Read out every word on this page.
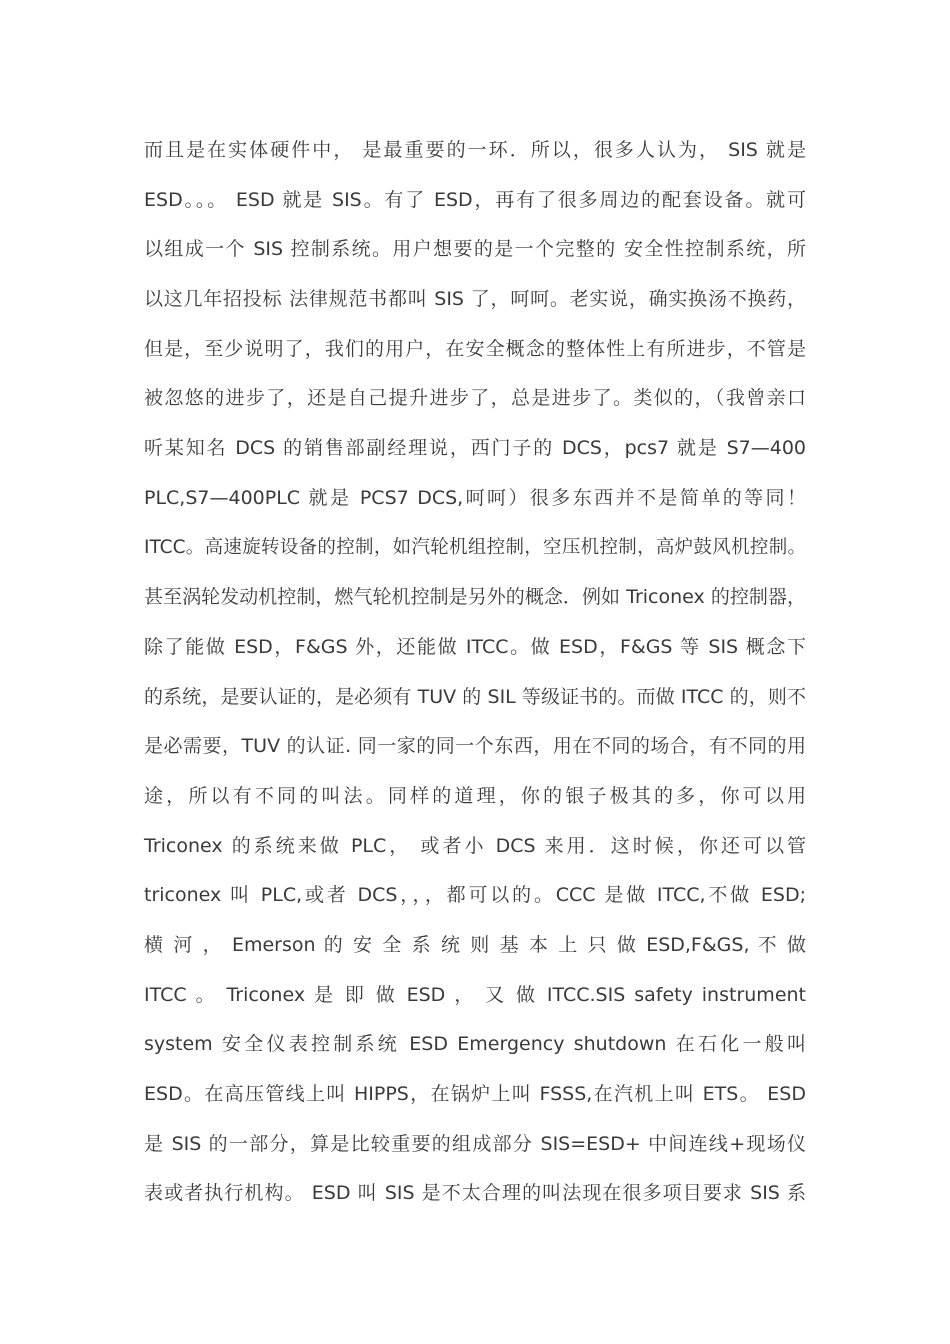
而且是在实体硬件中， 是最重要的一环．所以，很多人认为， SIS 就是
ESD。。。 ESD 就是 SIS。有了 ESD，再有了很多周边的配套设备。就可
以组成一个 SIS 控制系统。用户想要的是一个完整的 安全性控制系统，所
以这几年招投标 法律规范书都叫 SIS 了，呵呵。老实说，确实换汤不换药，
但是，至少说明了，我们的用户，在安全概念的整体性上有所进步，不管是
被忽悠的进步了，还是自己提升进步了，总是进步了。类似的，（我曾亲口
听某知名 DCS 的销售部副经理说，西门子的 DCS，pcs7 就是 S7—400
PLC,S7—400PLC 就是 PCS7 DCS,呵呵）很多东西并不是简单的等同！
ITCC。高速旋转设备的控制，如汽轮机组控制，空压机控制，高炉鼓风机控制。
甚至涡轮发动机控制，燃气轮机控制是另外的概念．例如 Triconex 的控制器，
除了能做 ESD，F&GS 外，还能做 ITCC。做 ESD，F&GS 等 SIS 概念下
的系统，是要认证的，是必须有 TUV 的 SIL 等级证书的。而做 ITCC 的，则不
是必需要，TUV 的认证. 同一家的同一个东西，用在不同的场合，有不同的用
途，所以有不同的叫法。同样的道理，你的银子极其的多，你可以用
Triconex 的系统来做 PLC， 或者小 DCS 来用．这时候，你还可以管
triconex 叫 PLC,或者 DCS，，，都可以的。CCC 是做 ITCC,不做 ESD;
横 河 ， Emerson 的 安 全 系 统 则 基 本 上 只 做 ESD,F&GS, 不 做
ITCC 。 Triconex 是 即 做 ESD ， 又 做 ITCC.SIS safety instrument
system 安全仪表控制系统 ESD Emergency shutdown 在石化一般叫
ESD。在高压管线上叫 HIPPS，在锅炉上叫 FSSS,在汽机上叫 ETS。 ESD
是 SIS 的一部分，算是比较重要的组成部分 SIS=ESD+ 中间连线+现场仪
表或者执行机构。 ESD 叫 SIS 是不太合理的叫法现在很多项目要求 SIS 系
